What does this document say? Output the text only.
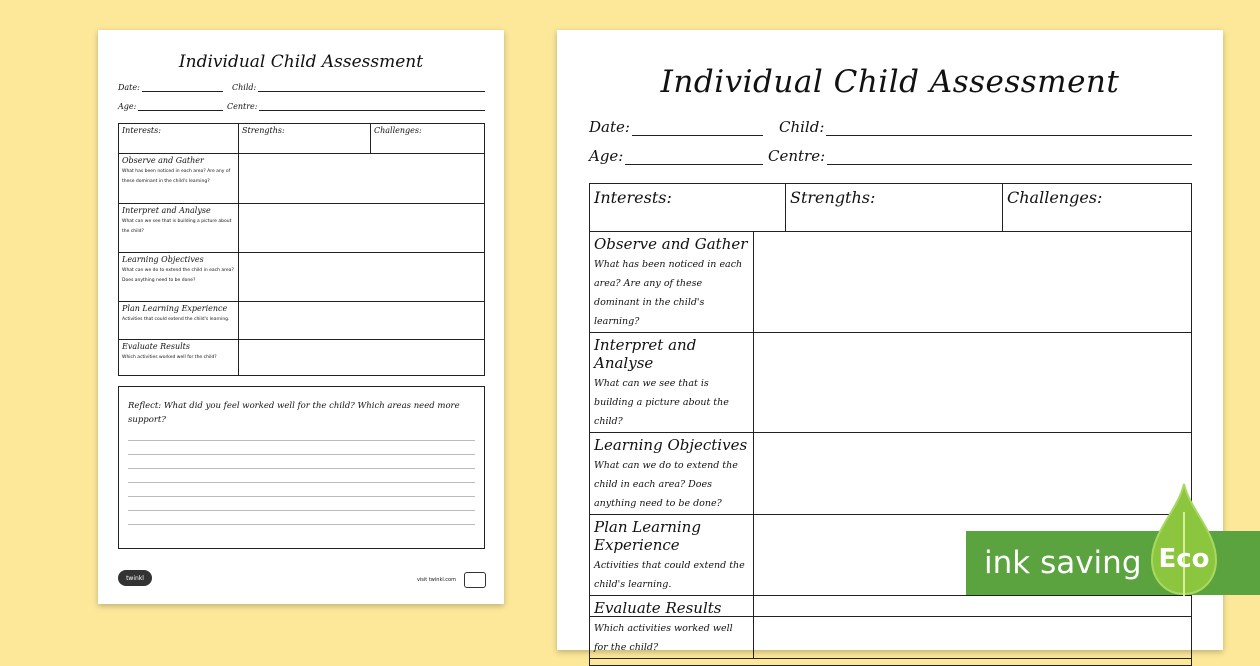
Individual Child Assessment
Date:	Child:
Age:	Centre:
Interests:	Strengths:	Challenges:

Observe and Gather
What has been noticed in each area? Are any of these dominant in the child's learning?		

Interpret and Analyse
What can we see that is building a picture about the child?		

Learning Objectives
What can we do to extend the child in each area? Does anything need to be done?		

Plan Learning Experience
Activities that could extend the child's learning.		

Evaluate Results
Which activities worked well for the child?		
Reflect: What did you feel worked well for the child? Which areas need more support?
twinkl	visit twinkl.com
Individual Child Assessment
Date:	Child:
Age:	Centre:
Interests:	Strengths:	Challenges:
Observe and Gather
What has been noticed in each area? Are any of these dominant in the child's learning?	

Interpret and Analyse
What can we see that is building a picture about the child?	

Learning Objectives
What can we do to extend the child in each area? Does anything need to be done?	

Plan Learning Experience
Activities that could extend the child's learning.	

Evaluate Results
Which activities worked well for the child?	
ink saving Eco
